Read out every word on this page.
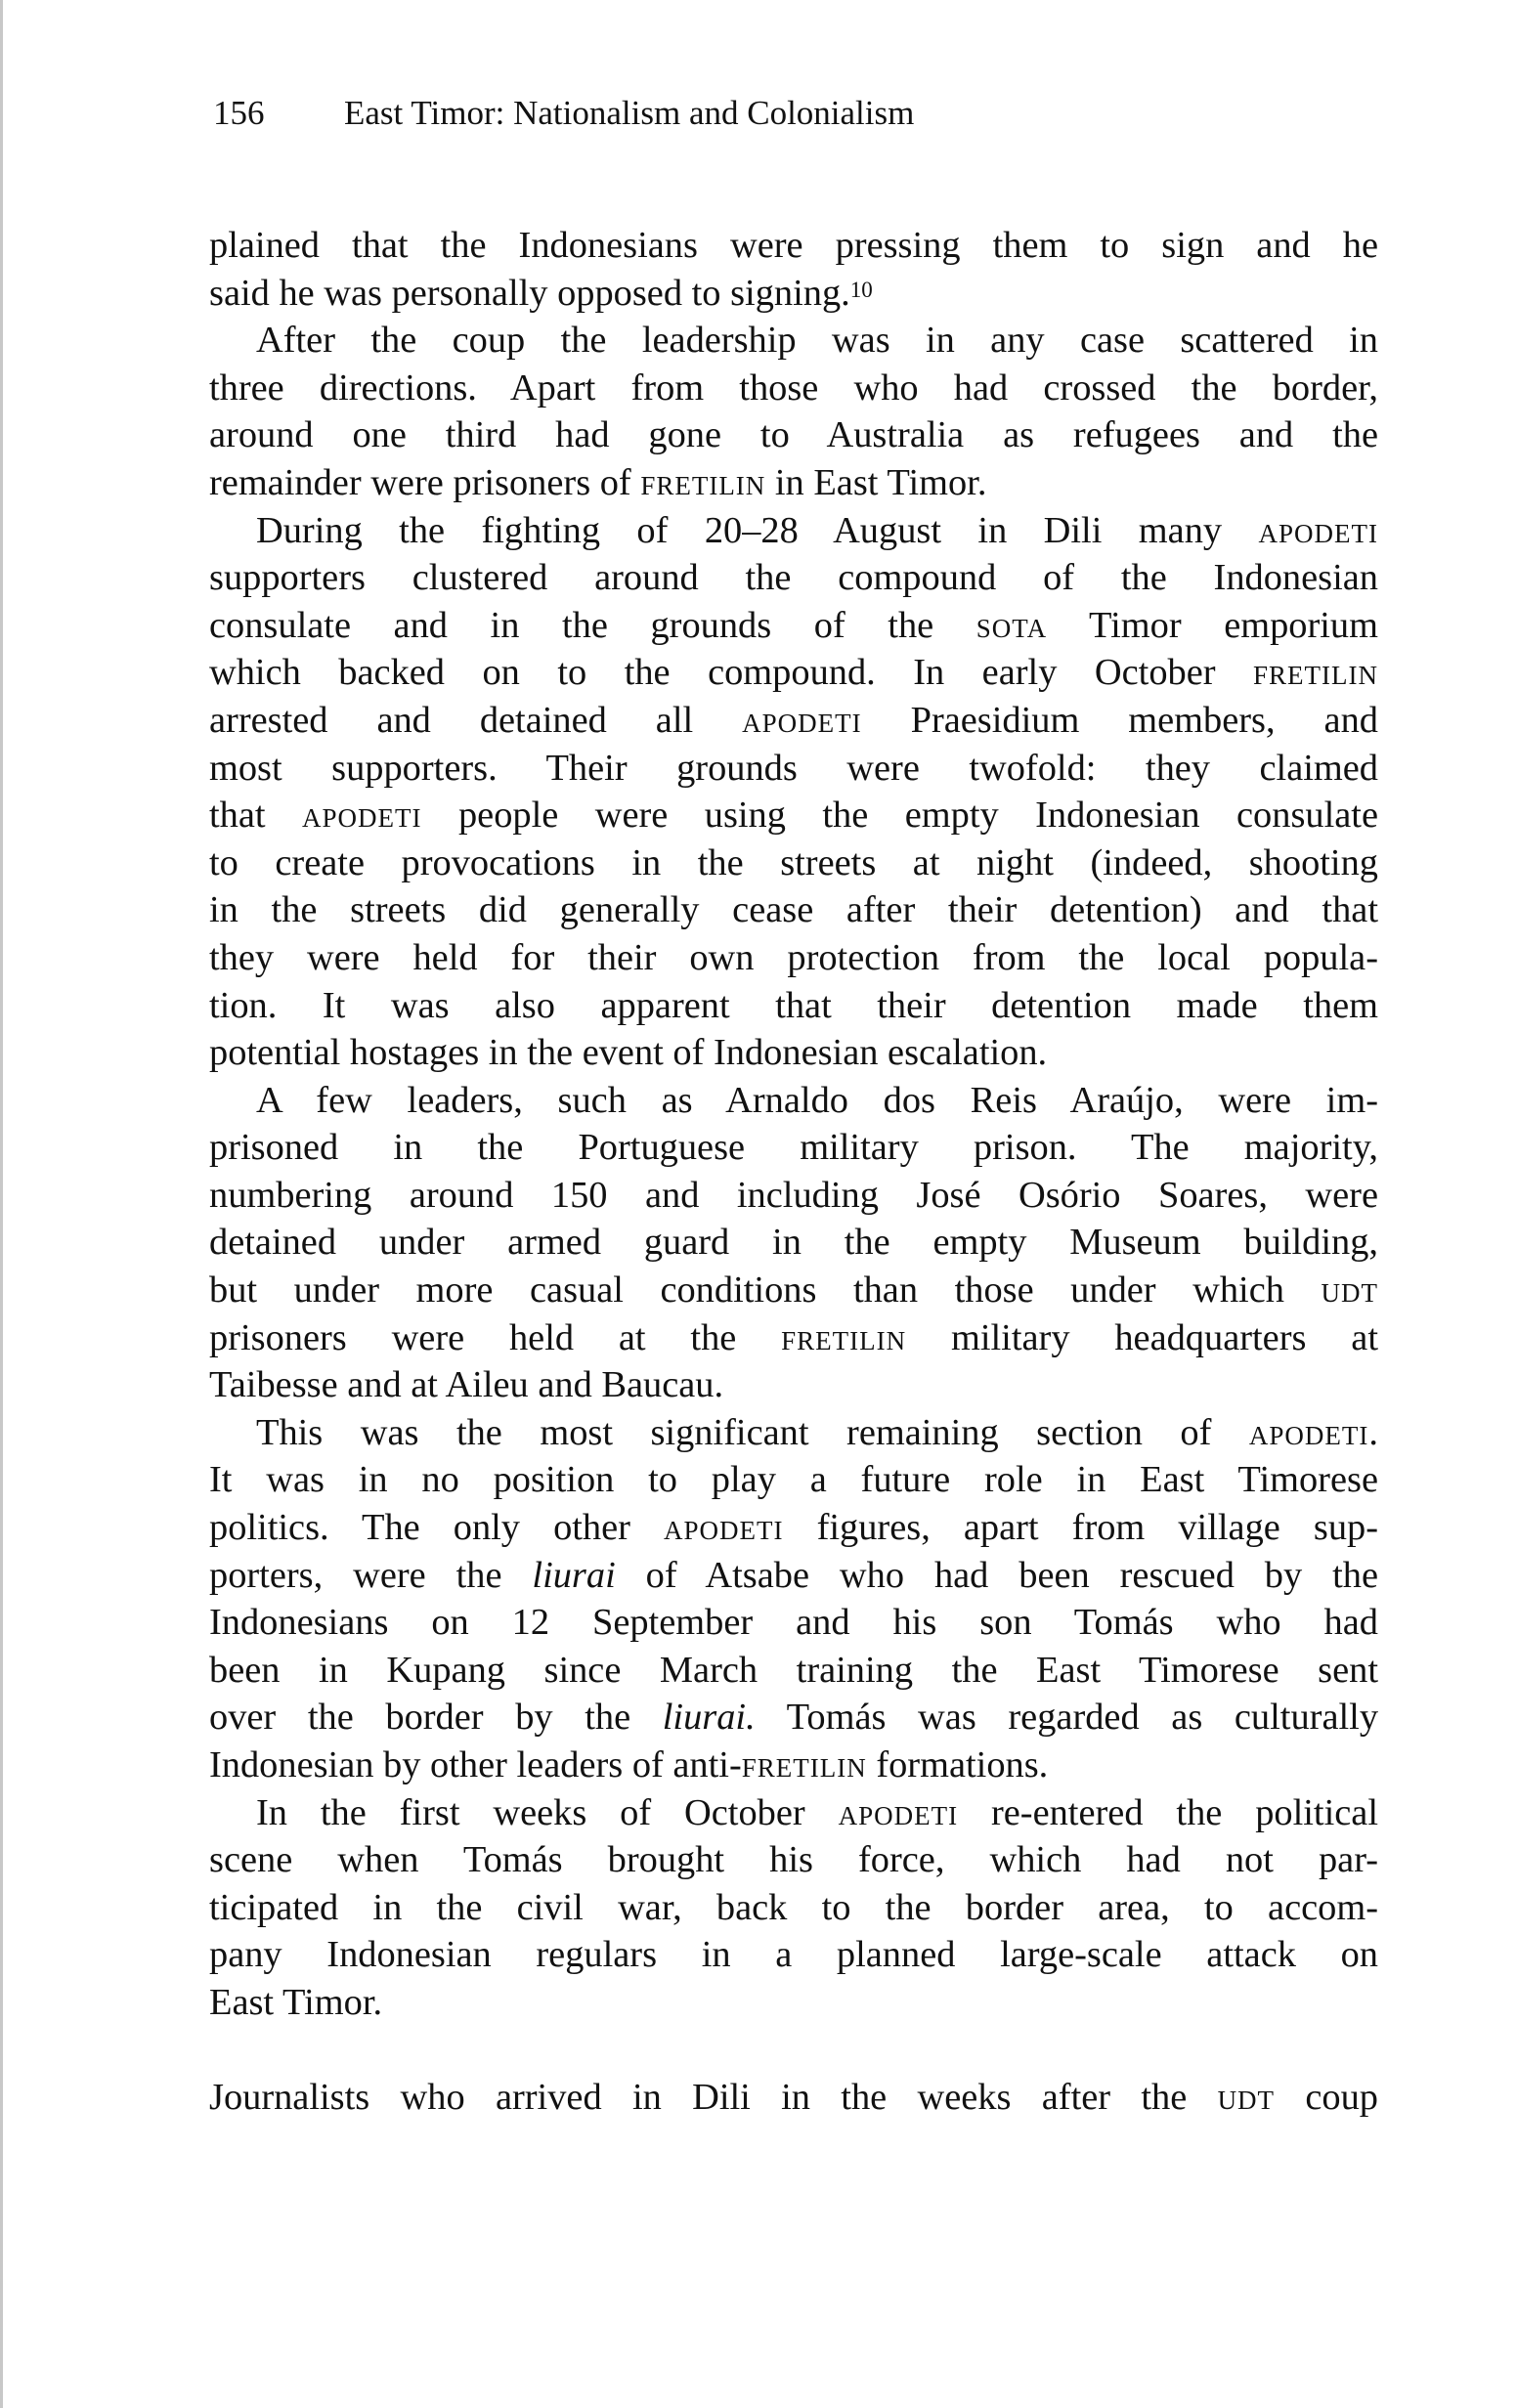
156 East Timor: Nationalism and Colonialism
plained that the Indonesians were pressing them to sign and he
said he was personally opposed to signing.$^{10}$
After the coup the leadership was in any case scattered in
three directions. Apart from those who had crossed the border,
around one third had gone to Australia as refugees and the
remainder were prisoners of fretilin in East Timor.
During the fighting of 20–28 August in Dili many apodeti
supporters clustered around the compound of the Indonesian
consulate and in the grounds of the sota Timor emporium
which backed on to the compound. In early October fretilin
arrested and detained all apodeti Praesidium members, and
most supporters. Their grounds were twofold: they claimed
that apodeti people were using the empty Indonesian consulate
to create provocations in the streets at night (indeed, shooting
in the streets did generally cease after their detention) and that
they were held for their own protection from the local popula-
tion. It was also apparent that their detention made them
potential hostages in the event of Indonesian escalation.
A few leaders, such as Arnaldo dos Reis Araújo, were im-
prisoned in the Portuguese military prison. The majority,
numbering around 150 and including José Osório Soares, were
detained under armed guard in the empty Museum building,
but under more casual conditions than those under which udt
prisoners were held at the fretilin military headquarters at
Taibesse and at Aileu and Baucau.
This was the most significant remaining section of apodeti.
It was in no position to play a future role in East Timorese
politics. The only other apodeti figures, apart from village sup-
porters, were the liurai of Atsabe who had been rescued by the
Indonesians on 12 September and his son Tomás who had
been in Kupang since March training the East Timorese sent
over the border by the liurai. Tomás was regarded as culturally
Indonesian by other leaders of anti-fretilin formations.
In the first weeks of October apodeti re-entered the political
scene when Tomás brought his force, which had not par-
ticipated in the civil war, back to the border area, to accom-
pany Indonesian regulars in a planned large-scale attack on
East Timor.
Journalists who arrived in Dili in the weeks after the udt coup
